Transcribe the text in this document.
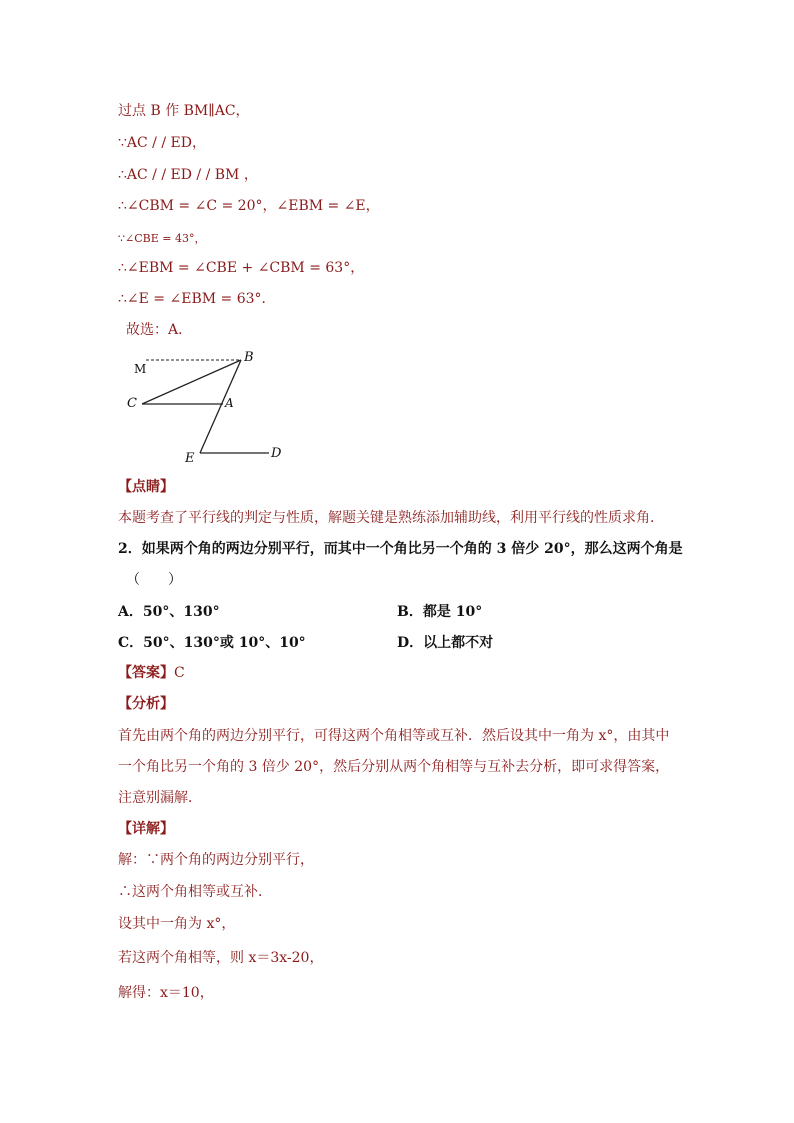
过点 B 作 BM∥AC，
∵AC / / ED，
∴AC / / ED / / BM ，
∴∠CBM = ∠C = 20°，∠EBM = ∠E，
∵∠CBE = 43°，
∴∠EBM = ∠CBE + ∠CBM = 63°，
∴∠E = ∠EBM = 63°．
故选：A．
M
B
C	A
E	D
【点睛】
本题考查了平行线的判定与性质，解题关键是熟练添加辅助线，利用平行线的性质求角．
2．如果两个角的两边分别平行，而其中一个角比另一个角的 3 倍少 20°，那么这两个角是
（　　）
A．50°、130°	B．都是 10°
C．50°、130°或 10°、10°	D．以上都不对
【答案】C
【分析】
首先由两个角的两边分别平行，可得这两个角相等或互补．然后设其中一角为 x°，由其中一个角比另一个角的 3 倍少 20°，然后分别从两个角相等与互补去分析，即可求得答案，注意别漏解．
【详解】
解：∵两个角的两边分别平行，
∴这两个角相等或互补．
设其中一角为 x°，
若这两个角相等，则 x＝3x-20，
解得：x＝10，
